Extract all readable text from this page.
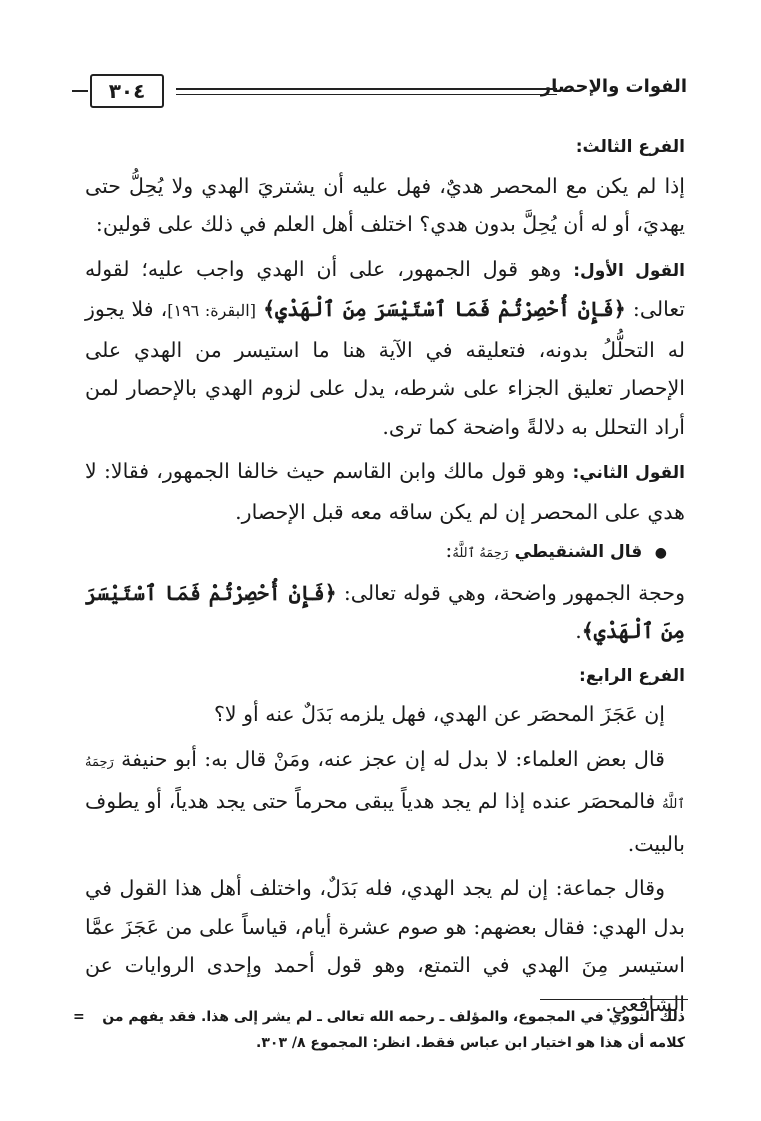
الفوات والإحصار
٣٠٤

الفرع الثالث:

إذا لم يكن مع المحصر هديٌ، فهل عليه أن يشتريَ الهدي ولا يُحِلُّ حتى يهديَ، أو له أن يُحِلَّ بدون هدي؟ اختلف أهل العلم في ذلك على قولين:

القول الأول: وهو قول الجمهور، على أن الهدي واجب عليه؛ لقوله تعالى: ﴿فَإِنْ أُحْصِرْتُمْ فَمَا ٱسْتَيْسَرَ مِنَ ٱلْهَدْيِ﴾ [البقرة: ١٩٦]، فلا يجوز له التحلُّلُ بدونه، فتعليقه في الآية هنا ما استيسر من الهدي على الإحصار تعليق الجزاء على شرطه، يدل على لزوم الهدي بالإحصار لمن أراد التحلل به دلالةً واضحة كما ترى.

القول الثاني: وهو قول مالك وابن القاسم حيث خالفا الجمهور، فقالا: لا هدي على المحصر إن لم يكن ساقه معه قبل الإحصار.

● قال الشنقيطي رَحِمَهُ ٱللَّهُ:

وحجة الجمهور واضحة، وهي قوله تعالى: ﴿فَإِنْ أُحْصِرْتُمْ فَمَا ٱسْتَيْسَرَ مِنَ ٱلْهَدْيِ﴾.

الفرع الرابع:

إن عَجَزَ المحصَر عن الهدي، فهل يلزمه بَدَلٌ عنه أو لا؟

قال بعض العلماء: لا بدل له إن عجز عنه، ومَنْ قال به: أبو حنيفة رَحِمَهُ ٱللَّهُ فالمحصَر عنده إذا لم يجد هدياً يبقى محرماً حتى يجد هدياً، أو يطوف بالبيت.

وقال جماعة: إن لم يجد الهدي، فله بَدَلٌ، واختلف أهل هذا القول في بدل الهدي: فقال بعضهم: هو صوم عشرة أيام، قياساً على من عَجَزَ عمَّا استيسر مِنَ الهدي في التمتع، وهو قول أحمد وإحدى الروايات عن الشافعي.

= ذلك النووي في المجموع، والمؤلف ـ رحمه الله تعالى ـ لم يشر إلى هذا. فقد يفهم من كلامه أن هذا هو اختيار ابن عباس فقط. انظر: المجموع ٨/ ٣٠٣.
